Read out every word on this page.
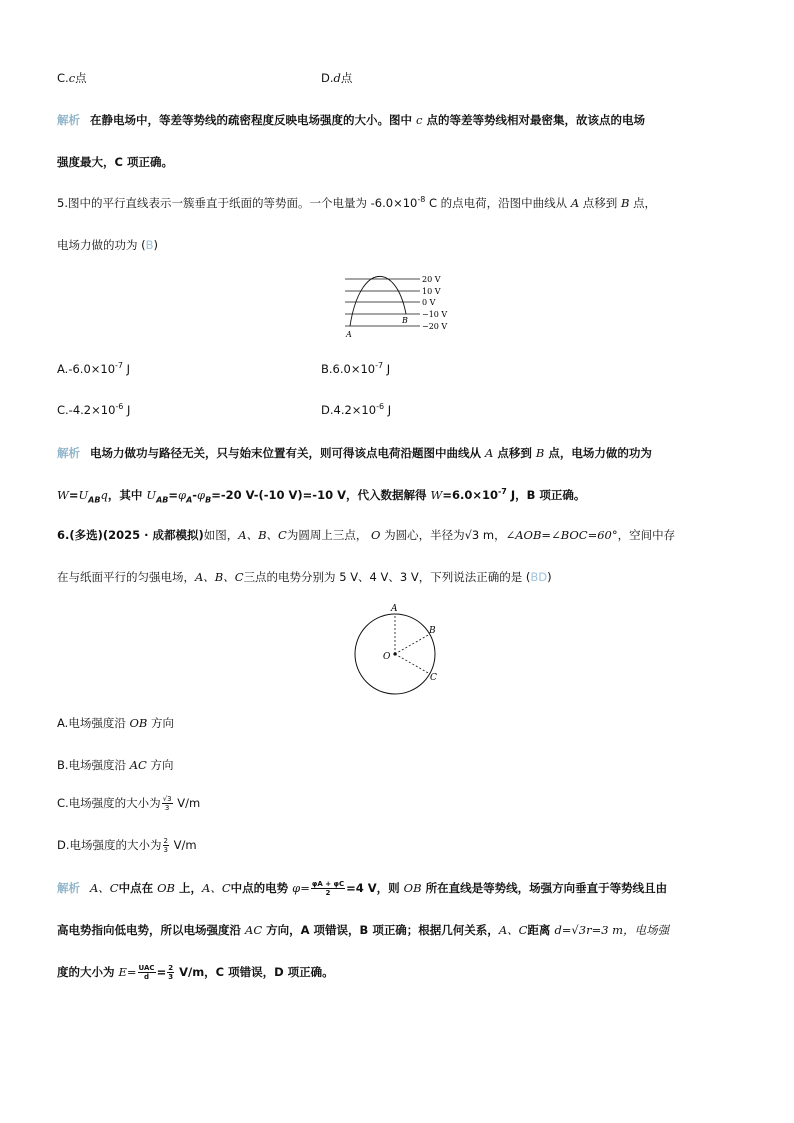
C.c点	D.d点
解析 在静电场中，等差等势线的疏密程度反映电场强度的大小。图中 c 点的等差等势线相对最密集，故该点的电场
强度最大，C 项正确。
5.图中的平行直线表示一簇垂直于纸面的等势面。一个电量为 $-6.0\times 10^{-8}$ C 的点电荷，沿图中曲线从 A 点移到 B 点，
电场力做的功为 (B)
20 V
10 V
0 V
−10 V
−20 V
A
B
$A.-6.0\times 10^{-7}$ J	$B.6.0\times 10^{-7}$ J
$C.-4.2\times 10^{-6}$ J	$D.4.2\times 10^{-6}$ J
解析 电场力做功与路径无关，只与始末位置有关，则可得该点电荷沿题图中曲线从 A 点移到 B 点，电场力做的功为
$W=U_{AB}q$，其中 $U_{AB}=\varphi_A-\varphi_B=-20$ V-(-10 V)=-10 V，代入数据解得 $W=6.0\times 10^{-7}$ J，B 项正确。
6.(多选)(2025 · 成都模拟)如图，A、B、C为圆周上三点， O 为圆心，半径为√3 m，∠AOB=∠BOC=60°，空间中存
在与纸面平行的匀强电场，A、B、C三点的电势分别为 5 V、4 V、3 V，下列说法正确的是 (BD)
A
B
C
O
A.电场强度沿 OB 方向
B.电场强度沿 AC 方向
C.电场强度的大小为 $\frac{√3}{3} V/m$
D.电场强度的大小为 $\frac{2}{3} V/m$
解析 A、C中点在 OB 上，A、C中点的电势 $\varphi= \frac{\varphi A + \varphi C}{2} =4$ V，则 OB 所在直线是等势线，场强方向垂直于等势线且由
高电势指向低电势，所以电场强度沿 AC 方向，A 项错误，B 项正确；根据几何关系，A、C距离 d=√3r=3 m，电场强
度的大小为 $E= \frac{\text{UAC}}{d} = \frac{2}{3} V/m$，C 项错误，D 项正确。
